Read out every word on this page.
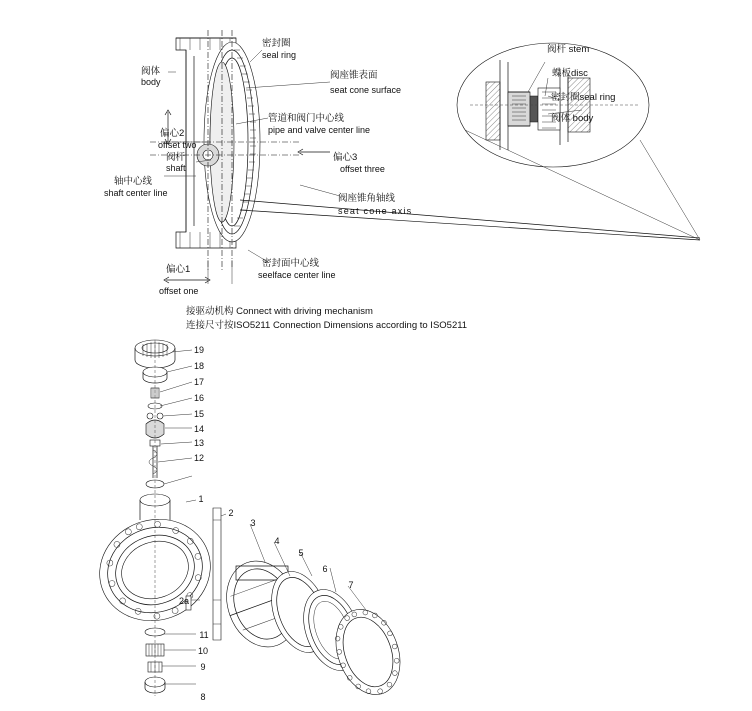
阀体
body
密封圈
seal ring
阀座锥表面
seat cone surface
管道和阀门中心线
pipe and valve center line
偏心2
offset two
阀杆
shaft
轴中心线
shaft center line
偏心3
offset three
阀座锥角轴线
seat cone axis
偏心1
offset one
密封面中心线
seelface center line
阀杆 stem
蝶板disc
密封圈seal ring
阀体 body
接驱动机构 Connect with driving mechanism
连接尺寸按ISO5211 Connection Dimensions according to ISO5211
19
18
17
16
15
14
13
12
1
2
2a
3
4
5
6
7
8
9
10
11
